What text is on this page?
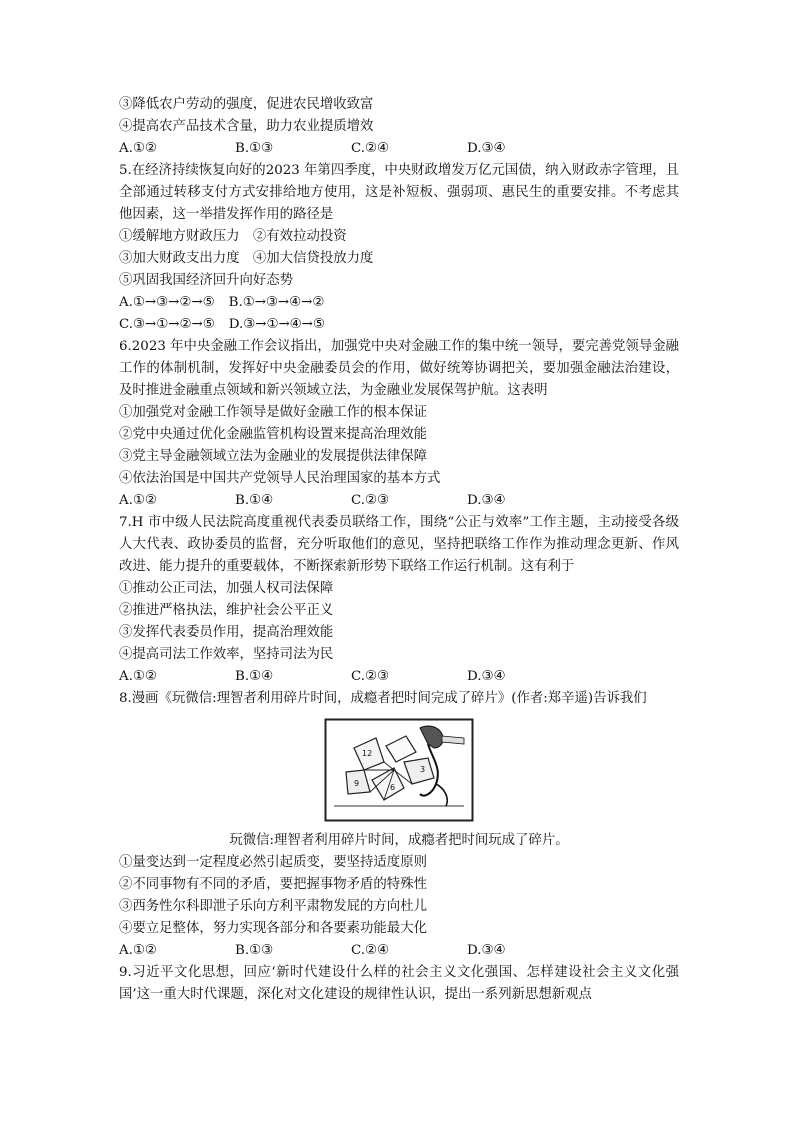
③降低农户劳动的强度，促进农民增收致富
④提高农产品技术含量，助力农业提质增效
A.①②	B.①③	C.②④	D.③④
5.在经济持续恢复向好的2023 年第四季度，中央财政增发万亿元国债，纳入财政赤字管理，且全部通过转移支付方式安排给地方使用，这是补短板、强弱项、惠民生的重要安排。不考虑其他因素，这一举措发挥作用的路径是
①缓解地方财政压力　②有效拉动投资
③加大财政支出力度　④加大信贷投放力度
⑤巩固我国经济回升向好态势
A.①→③→②→⑤ B.①→③→④→②
C.③→①→②→⑤ D.③→①→④→⑤
6.2023 年中央金融工作会议指出，加强党中央对金融工作的集中统一领导，要完善党领导金融工作的体制机制，发挥好中央金融委员会的作用，做好统筹协调把关，要加强金融法治建设，及时推进金融重点领域和新兴领域立法，为金融业发展保驾护航。这表明
①加强党对金融工作领导是做好金融工作的根本保证
②党中央通过优化金融监管机构设置来提高治理效能
③党主导金融领域立法为金融业的发展提供法律保障
④依法治国是中国共产党领导人民治理国家的基本方式
A.①②	B.①④	C.②③	D.③④
7.H 市中级人民法院高度重视代表委员联络工作，围绕“公正与效率”工作主题，主动接受各级人大代表、政协委员的监督，充分听取他们的意见，坚持把联络工作作为推动理念更新、作风改进、能力提升的重要载体，不断探索新形势下联络工作运行机制。这有利于
①推动公正司法，加强人权司法保障
②推进严格执法，维护社会公平正义
③发挥代表委员作用，提高治理效能
④提高司法工作效率，坚持司法为民
A.①②	B.①④	C.②③	D.③④
8.漫画《玩微信:理智者利用碎片时间，成瘾者把时间完成了碎片》(作者:郑辛遥)告诉我们
12
3
6
9
玩微信:理智者利用碎片时间，成瘾者把时间玩成了碎片。
①量变达到一定程度必然引起质变，要坚持适度原则
②不同事物有不同的矛盾，要把握事物矛盾的特殊性
③西务性尔科即泄子乐向方利平肃物发屁的方向杜儿
④要立足整体，努力实现各部分和各要素功能最大化
A.①②	B.①③	C.②④	D.③④
9.习近平文化思想，回应‘新时代建设什么样的社会主义文化强国、怎样建设社会主义文化强国’这一重大时代课题，深化对文化建设的规律性认识，提出一系列新思想新观点
